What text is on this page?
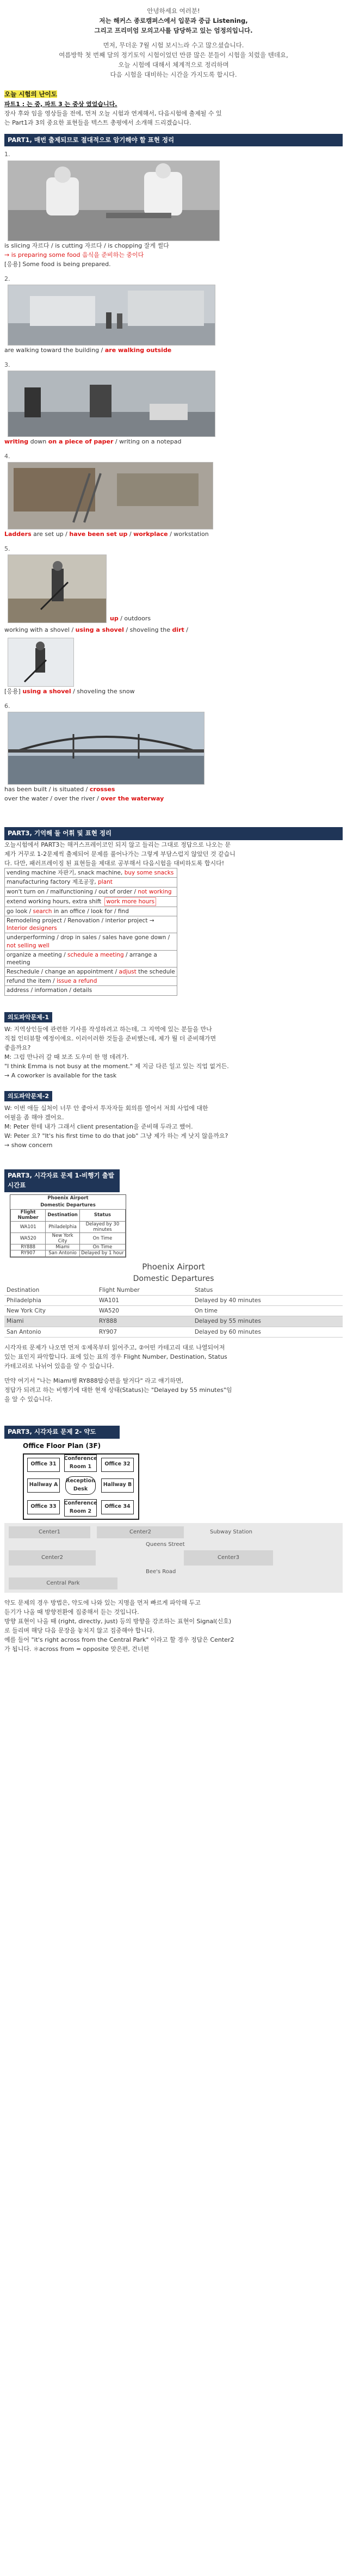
안녕하세요 여러분!

저는 해커스 종로캠퍼스에서 입문과 중급 Listening,

그리고 프리미엄 모의고사를 담당하고 있는 엄정의입니다.

먼저, 무더운 7월 시험 보시느라 수고 많으셨습니다.

여름방학 첫 번째 달의 정기토익 시험이었던 만큼 많은 분들이 시험을 치렀을 텐데요,

오늘 시험에 대해서 체계적으로 정리하며

다음 시험을 대비하는 시간을 가지도록 합시다.

오늘 시험의 난이도

파트1 : 는 중, 파트 3 는 중상 였었습니다.

장사 후와 임을 영상들을 전에, 먼저 오늘 시험과 연계해서, 다음시험에 출제될 수 있

는 Part1과 3의 중요한 표현들을 텍스트 총평에서 소개해 드리겠습니다.

PART1, 매번 출제되므로 절대적으로 암기해야 할 표현 정리

1.

is slicing 자르다 / is cutting 자르다 / is chopping 잘게 썰다

→ is preparing some food 음식을 준비하는 중이다

[응용] Some food is being prepared.

2.

are walking toward the building / are walking outside

3.

writing down on a piece of paper / writing on a notepad

4.

Ladders are set up / have been set up / workplace / workstation

5.

up / outdoors

working with a shovel / using a shovel / shoveling the dirt /

[응용] using a shovel / shoveling the snow

6.

has been built / is situated / crosses

over the water / over the river / over the waterway

PART3, 기억해 둘 어휘 및 표현 정리

오늘시험에서 PART3는 해커스프레이코인 되지 않고 들리는 그대로 정답으로 나오는 문

제가 거꾸로 1-2문제씩 출제되어 문제를 풀어나가는 그렇게 부담스럽지 않았던 것 같습니

다. 다만, 패러프레이징 된 표현들을 제대로 공부해서 다음시험을 대비하도록 합시다!

vending machine 자판기, snack machine, buy some snacks
manufacturing factory 제조공장, plant
won't turn on / malfunctioning / out of order / not working
extend working hours, extra shift work more hours
go look / search in an office / look for / find
Remodeling project / Renovation / interior project → Interior designers
underperforming / drop in sales / sales have gone down / not selling well
organize a meeting / schedule a meeting / arrange a meeting
Reschedule / change an appointment / adjust the schedule
refund the item / issue a refund
address / information / details
의도파악문제-1

W: 지역상인들에 관련한 기사를 작성하려고 하는데, 그 지역에 있는 분들을 만나

직접 인터뷰할 예정이에요. 이러이러한 것들을 준비했는데, 제가 뭘 더 준비해가면

좋을까요?

M: 그럼 만나러 갈 때 보조 도우미 한 명 데려가.

"I think Emma is not busy at the moment." 제 지금 다른 일고 있는 직업 없거든.

→ A coworker is available for the task

의도파악문제-2

W: 이번 애들 십처이 너무 안 좋아서 투자자들 회의를 열어서 저희 사업에 대한

어필을 좀 해야 겠어요.

M: Peter 한테 내가 그래서 client presentation을 준비해 두라고 했어.

W: Peter 요? "It's his first time to do that job" 그냥 제가 하는 게 낫지 않을까요?

→ show concern

PART3, 시각자료 문제 1-비행기 출발시간표
Phoenix Airport
Domestic Departures
Flight Number	Destination	Status
WA101	Philadelphia	Delayed by 30 minutes
WA520	New York City	On Time
RY888	Miami	On Time
RY907	San Antonio	Delayed by 1 hour
Phoenix Airport
Domestic Departures
Destination	Flight Number	Status
Philadelphia	WA101	Delayed by 40 minutes
New York City	WA520	On time
Miami	RY888	Delayed by 55 minutes
San Antonio	RY907	Delayed by 60 minutes

시각자료 문제가 나오면 먼저 ①제목부터 읽어주고, ②어떤 카테고리 대로 나열되어져

있는 표인지 파악합니다. 표에 있는 표의 경우 Flight Number, Destination, Status

카테고리로 나뉘어 있음을 알 수 있습니다.

만약 여기서 "나는 Miami행 RY888탑승편을 탈거다" 라고 얘기하면,

정답가 되려고 하는 비행기에 대한 현재 상태(Status)는 "Delayed by 55 minutes"임

을 알 수 있습니다.

PART3, 시각자료 문제 2- 약도
Office Floor Plan (3F)
Office 31
Conference Room 1	Office 32
Hallway A
Reception Desk
Hallway B
Office 33
Conference Room 2
Office 34
Center1	Center2	Subway Station
Queens Street
Center2	Center3
Bee's Road
Central Park

약도 문제의 경우 방법은, 약도에 나와 있는 지명을 먼저 빠르게 파악해 두고

듣기가 나올 때 방향전환에 집중해서 듣는 것입니다.

방향 표현이 나올 때 (right, directly, just) 등의 방향을 강조하는 표현이 Signal(신호)

로 들리며 해당 다음 문장을 놓치지 않고 집중해야 합니다.

예를 들어 "it's right across from the Central Park" 이라고 할 경우 정답은 Center2

가 됩니다. ＊across from = opposite 맞은편, 건너편
